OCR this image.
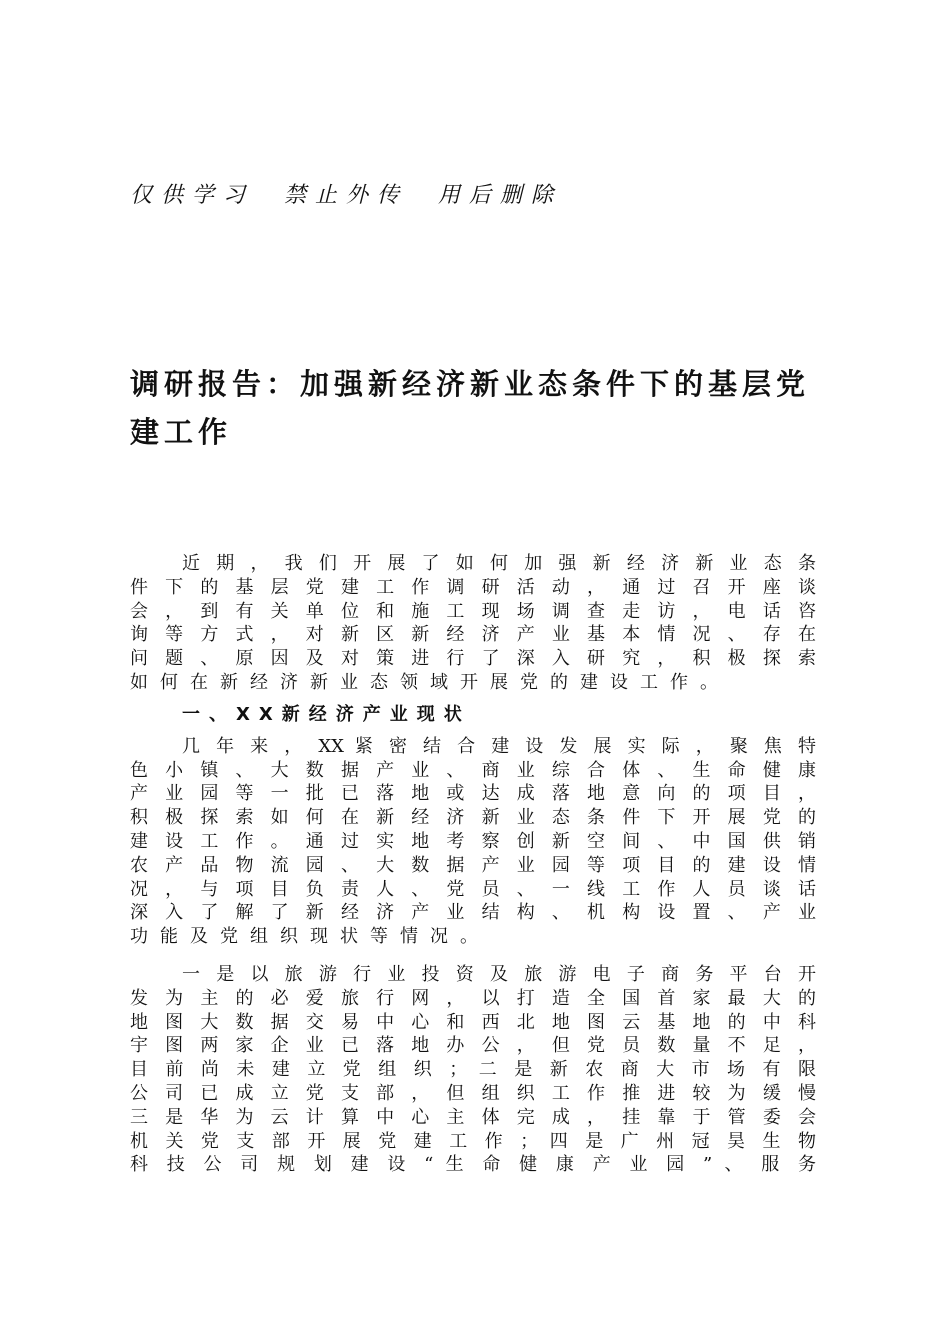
仅供学习 禁止外传 用后删除
调研报告：加强新经济新业态条件下的基层党建工作
近 期 ， 我 们 开 展 了 如 何 加 强 新 经 济 新 业 态 条
件 下 的 基 层 党 建 工 作 调 研 活 动 ， 通 过 召 开 座 谈
会 ， 到 有 关 单 位 和 施 工 现 场 调 查 走 访 ， 电 话 咨
询 等 方 式 ， 对 新 区 新 经 济 产 业 基 本 情 况 、 存 在
问 题 、 原 因 及 对 策 进 行 了 深 入 研 究 ， 积 极 探 索
如何在新经济新业态领域开展党的建设工作。
一、XX新经济产业现状
几 年 来 ， XX 紧 密 结 合 建 设 发 展 实 际 ， 聚 焦 特
色 小 镇 、 大 数 据 产 业 、 商 业 综 合 体 、 生 命 健 康
产 业 园 等 一 批 已 落 地 或 达 成 落 地 意 向 的 项 目 ，
积 极 探 索 如 何 在 新 经 济 新 业 态 条 件 下 开 展 党 的
建 设 工 作 。 通 过 实 地 考 察 创 新 空 间 、 中 国 供 销
农 产 品 物 流 园 、 大 数 据 产 业 园 等 项 目 的 建 设 情
况 ， 与 项 目 负 责 人 、 党 员 、 一 线 工 作 人 员 谈 话
深 入 了 解 了 新 经 济 产 业 结 构 、 机 构 设 置 、 产 业
功能及党组织现状等情况。
一 是 以 旅 游 行 业 投 资 及 旅 游 电 子 商 务 平 台 开
发 为 主 的 必 爱 旅 行 网 ， 以 打 造 全 国 首 家 最 大 的
地 图 大 数 据 交 易 中 心 和 西 北 地 图 云 基 地 的 中 科
宇 图 两 家 企 业 已 落 地 办 公 ， 但 党 员 数 量 不 足 ，
目 前 尚 未 建 立 党 组 织 ； 二 是 新 农 商 大 市 场 有 限
公 司 已 成 立 党 支 部 ， 但 组 织 工 作 推 进 较 为 缓 慢
三 是 华 为 云 计 算 中 心 主 体 完 成 ， 挂 靠 于 管 委 会
机 关 党 支 部 开 展 党 建 工 作 ； 四 是 广 州 冠 昊 生 物
科 技 公 司 规 划 建 设 “ 生 命 健 康 产 业 园 ” 、 服 务
